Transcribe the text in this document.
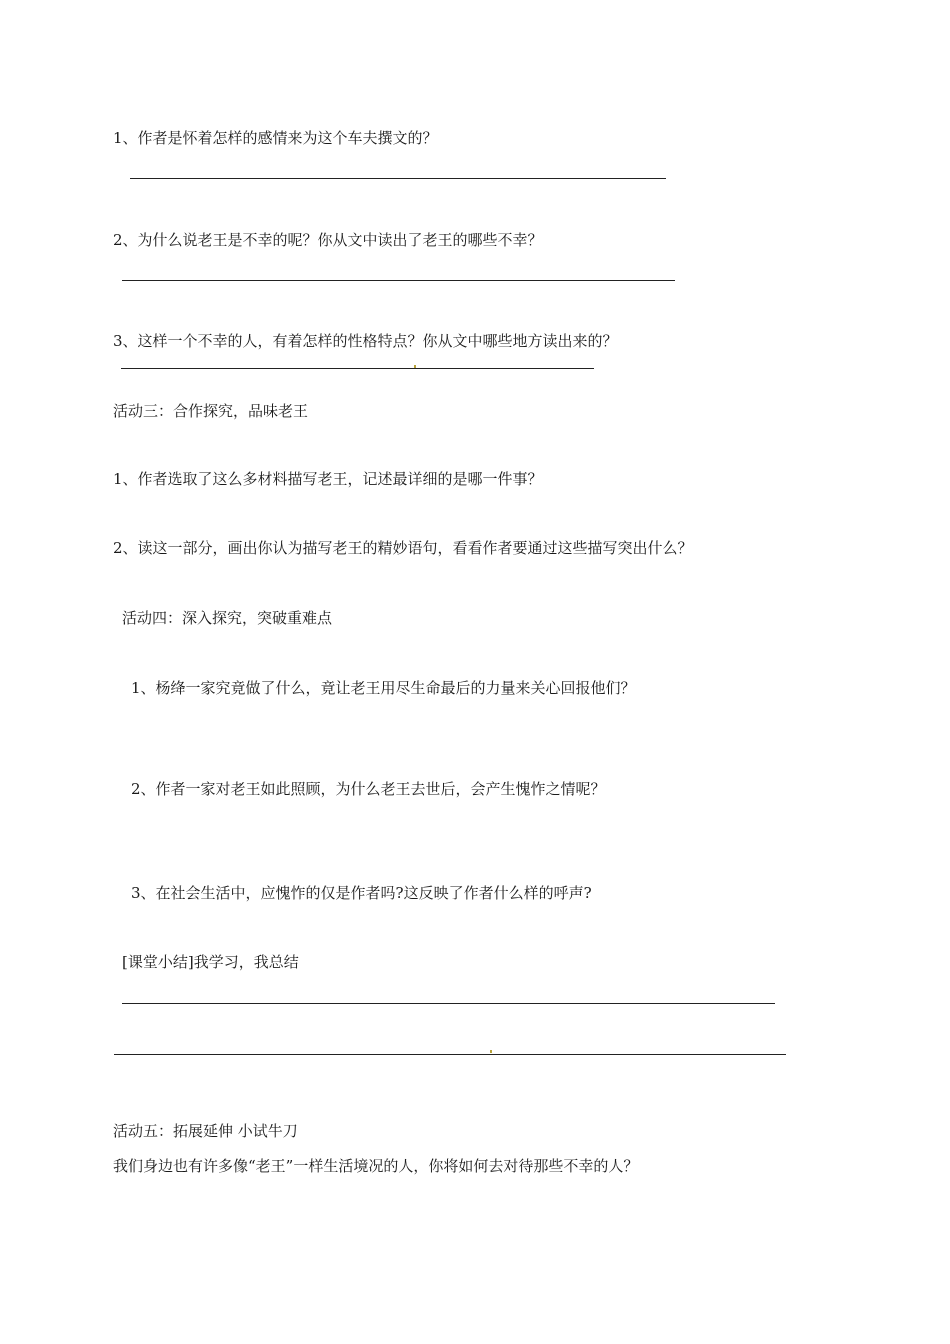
1、作者是怀着怎样的感情来为这个车夫撰文的？
2、为什么说老王是不幸的呢？你从文中读出了老王的哪些不幸？
3、这样一个不幸的人，有着怎样的性格特点？你从文中哪些地方读出来的？
活动三：合作探究，品味老王
1、作者选取了这么多材料描写老王，记述最详细的是哪一件事？
2、读这一部分，画出你认为描写老王的精妙语句，看看作者要通过这些描写突出什么？
活动四：深入探究，突破重难点
1、杨绛一家究竟做了什么，竟让老王用尽生命最后的力量来关心回报他们？
2、作者一家对老王如此照顾，为什么老王去世后，会产生愧怍之情呢？
3、在社会生活中，应愧怍的仅是作者吗?这反映了作者什么样的呼声?
[课堂小结]我学习，我总结
活动五：拓展延伸 小试牛刀
我们身边也有许多像“老王”一样生活境况的人，你将如何去对待那些不幸的人？
